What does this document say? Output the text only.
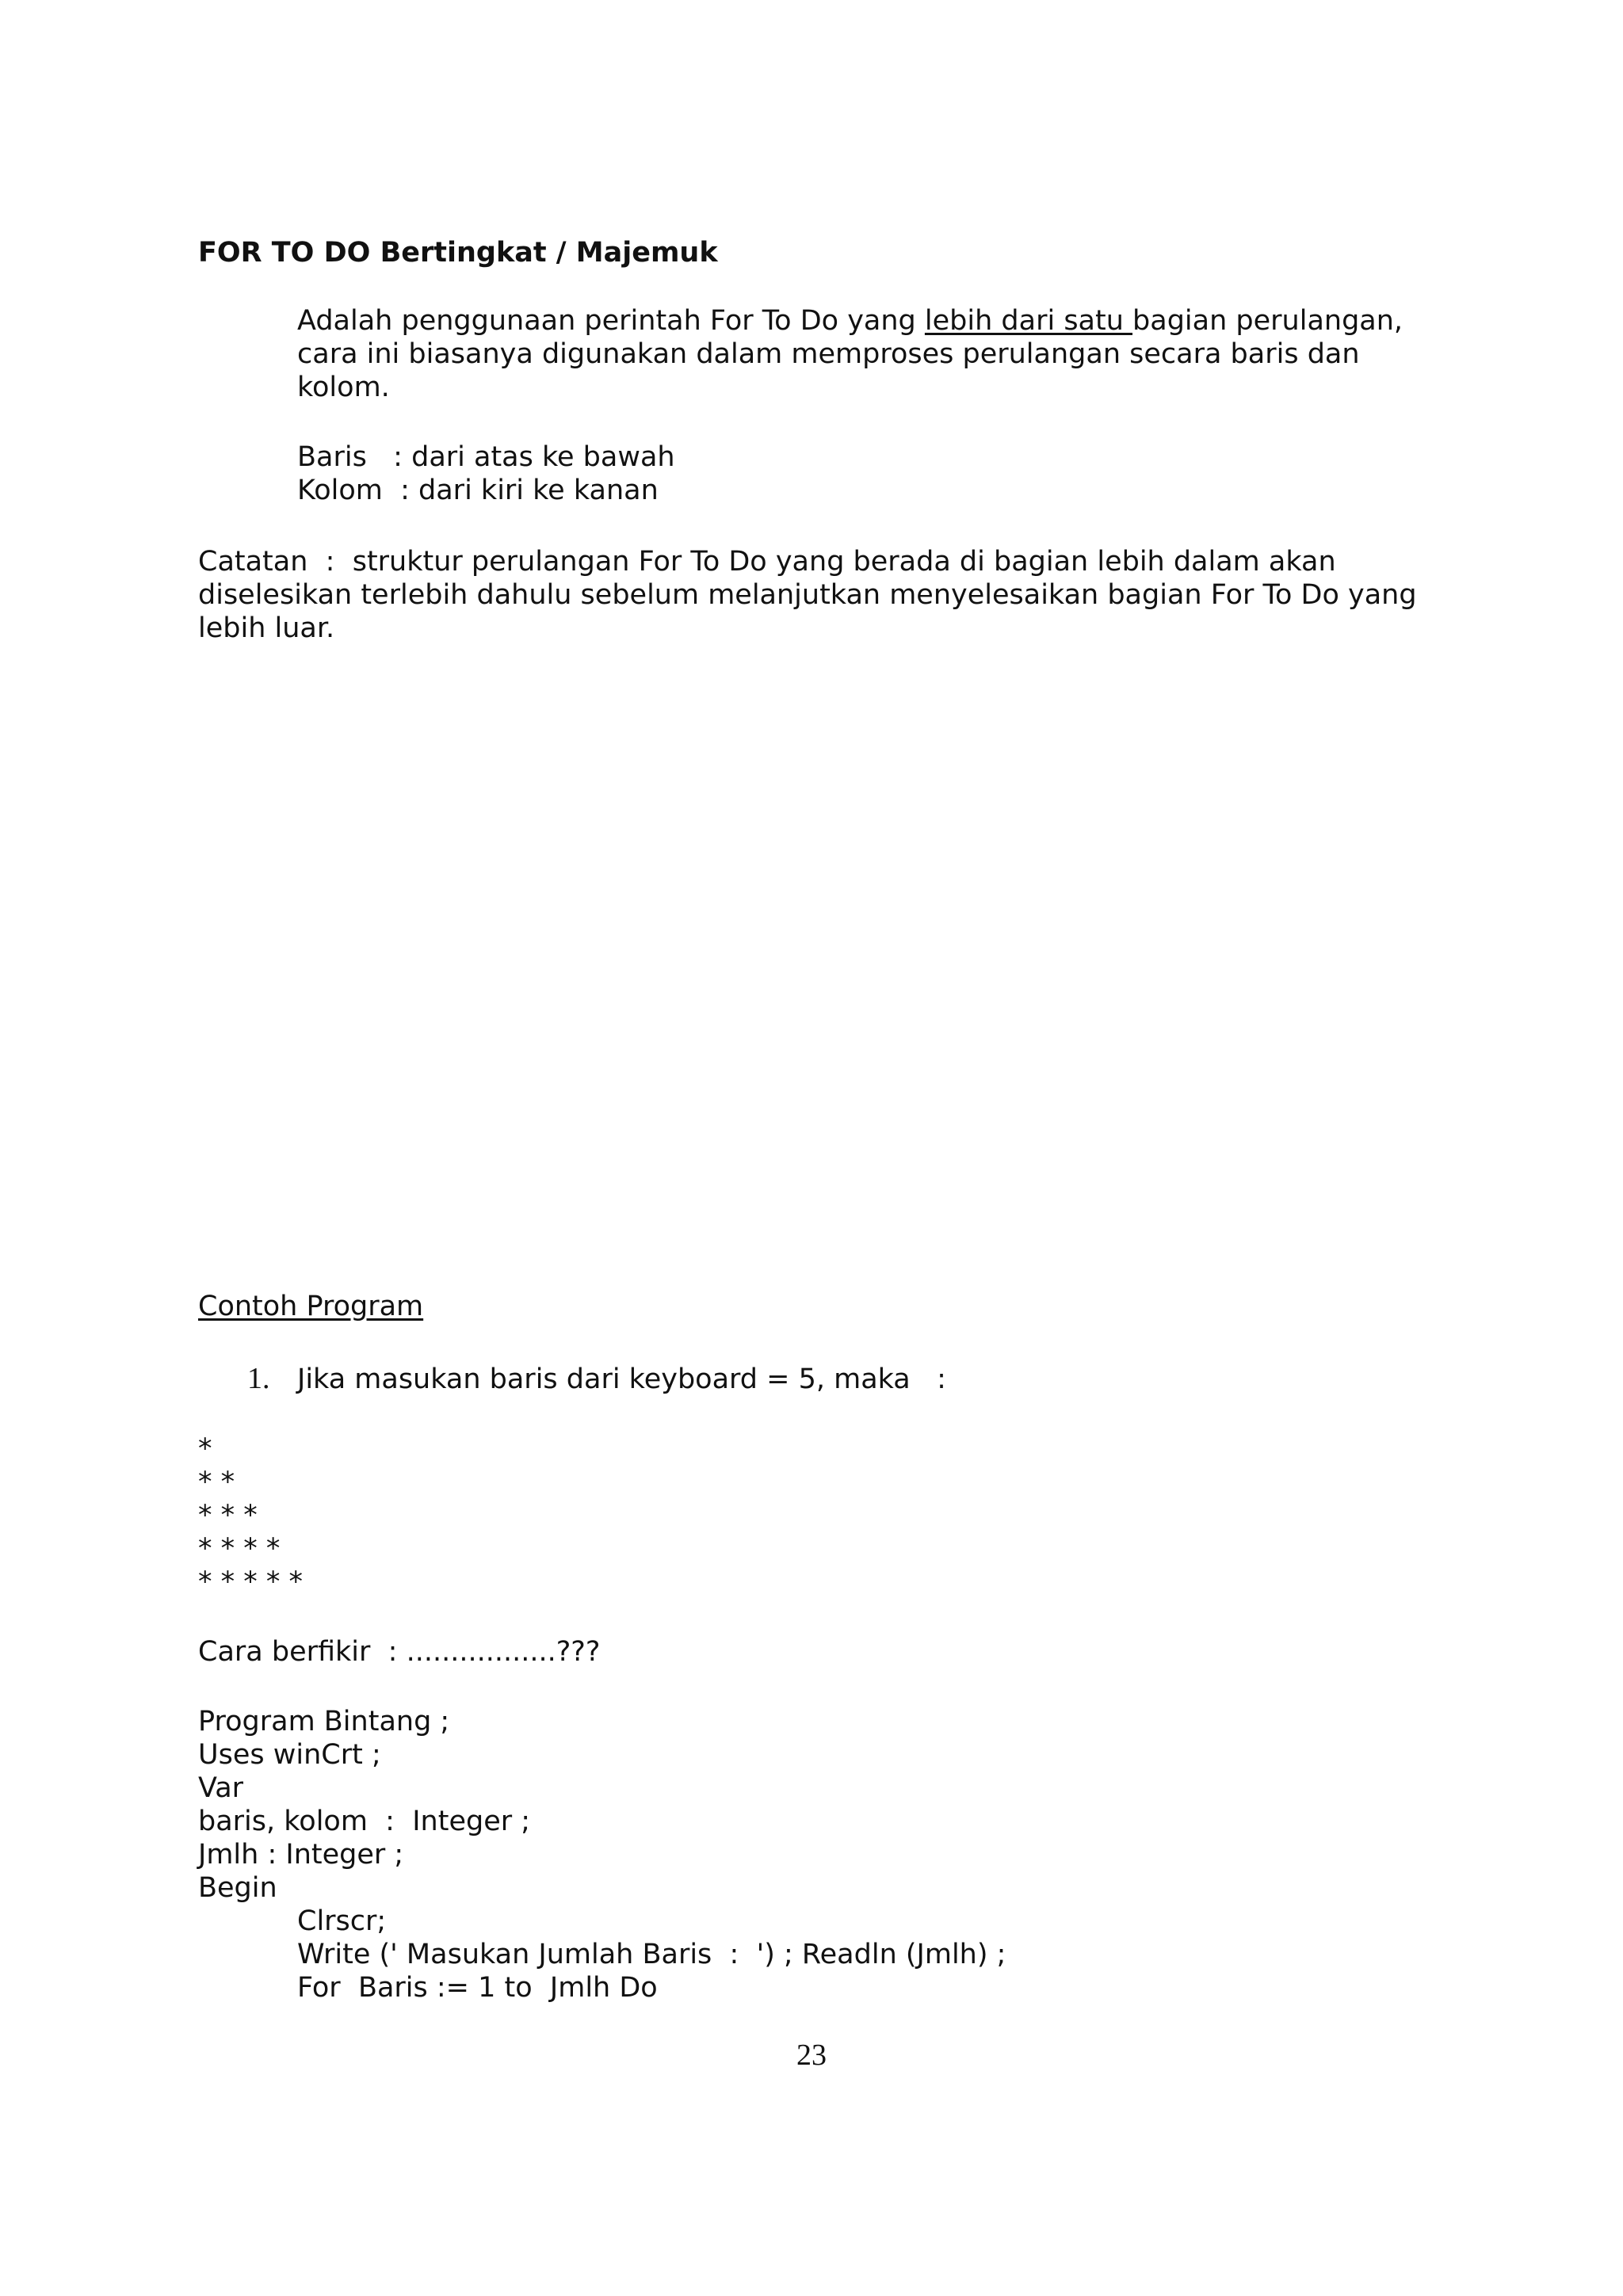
FOR TO DO Bertingkat / Majemuk
Adalah penggunaan perintah For To Do yang lebih dari satu bagian perulangan,
cara ini biasanya digunakan dalam memproses perulangan secara baris dan
kolom.
Baris   : dari atas ke bawah
Kolom  : dari kiri ke kanan
Catatan  :  struktur perulangan For To Do yang berada di bagian lebih dalam akan
diselesikan terlebih dahulu sebelum melanjutkan menyelesaikan bagian For To Do yang
lebih luar.
Contoh Program
1. Jika masukan baris dari keyboard = 5, maka   :
*
* *
* * *
* * * *
* * * * *
Cara berfikir  : .................???
Program Bintang ;
Uses winCrt ;
Var
baris, kolom  :  Integer ;
Jmlh : Integer ;
Begin
Clrscr;
Write (' Masukan Jumlah Baris  :  ') ; Readln (Jmlh) ;
For  Baris := 1 to  Jmlh Do
23
